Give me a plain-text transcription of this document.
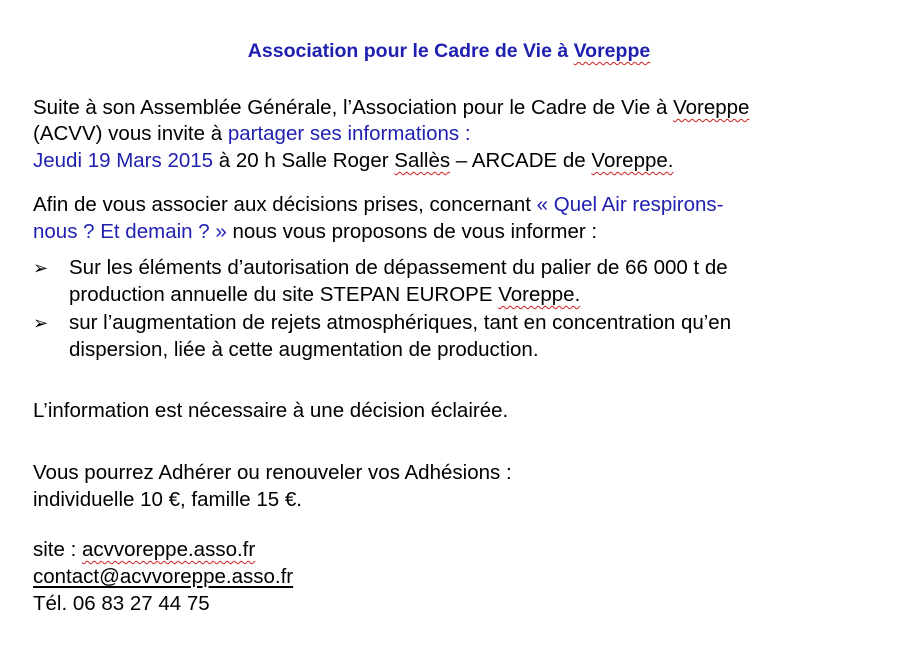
Association pour le Cadre de Vie à Voreppe

Suite à son Assemblée Générale, l’Association pour le Cadre de Vie à Voreppe

(ACVV) vous invite à partager ses informations :

Jeudi 19 Mars 2015 à 20 h Salle Roger Sallès – ARCADE de Voreppe.

Afin de vous associer aux décisions prises, concernant « Quel Air respirons-

nous ? Et demain ? » nous vous proposons de vous informer :

➢ Sur les éléments d’autorisation de dépassement du palier de 66 000 t de
production annuelle du site STEPAN EUROPE Voreppe.
➢ sur l’augmentation de rejets atmosphériques, tant en concentration qu’en
dispersion, liée à cette augmentation de production.

L’information est nécessaire à une décision éclairée.

Vous pourrez Adhérer ou renouveler vos Adhésions :

individuelle 10 €, famille 15 €.

site : acvvoreppe.asso.fr

contact@acvvoreppe.asso.fr

Tél. 06 83 27 44 75
